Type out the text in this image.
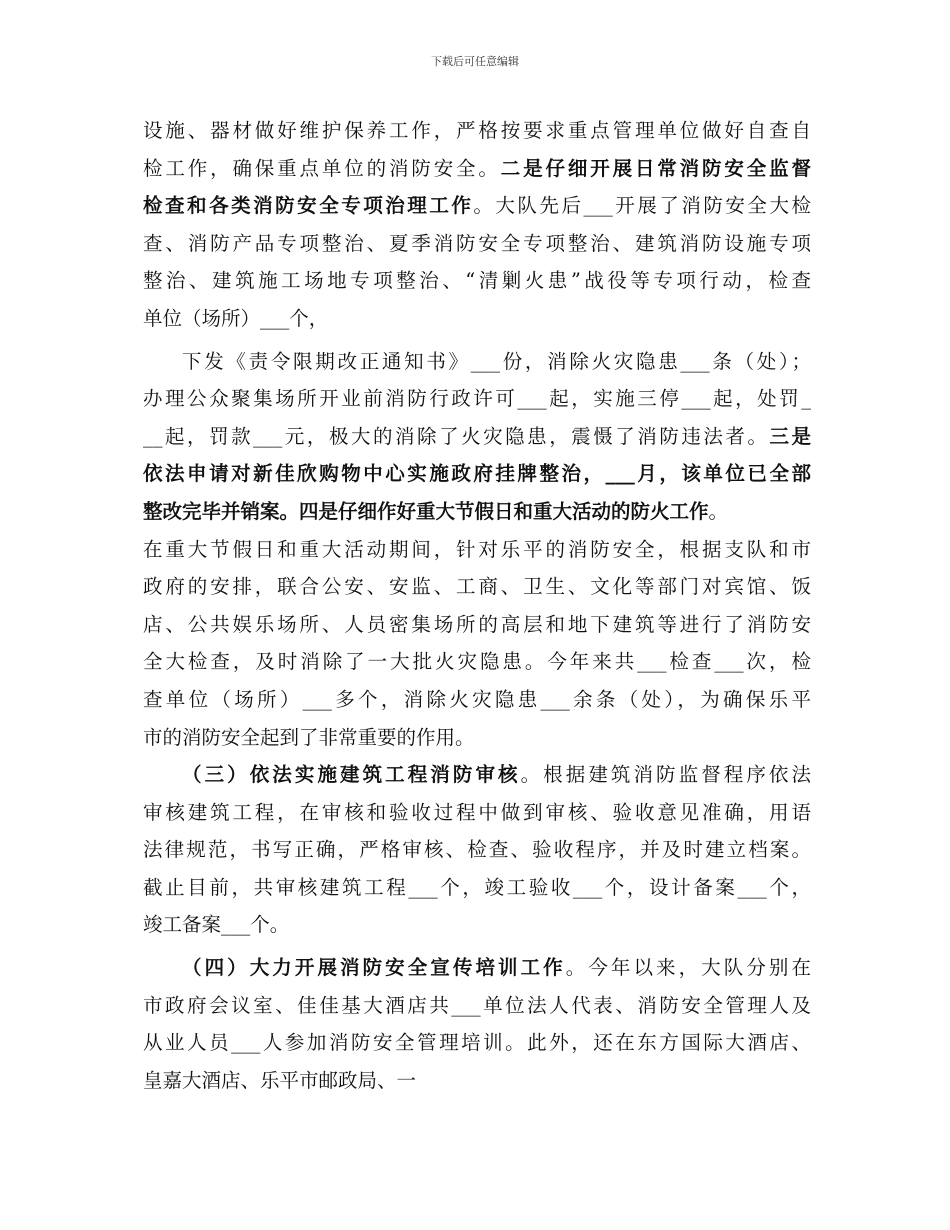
下载后可任意编辑
设施、器材做好维护保养工作，严格按要求重点管理单位做好自查自
检工作，确保重点单位的消防安全。二是仔细开展日常消防安全监督
检查和各类消防安全专项治理工作。大队先后___开展了消防安全大检
查、消防产品专项整治、夏季消防安全专项整治、建筑消防设施专项
整治、建筑施工场地专项整治、“清剿火患”战役等专项行动，检查
单位（场所）___个，
下发《责令限期改正通知书》___份，消除火灾隐患___条（处）；
办理公众聚集场所开业前消防行政许可___起，实施三停___起，处罚_
__起，罚款___元，极大的消除了火灾隐患，震慑了消防违法者。三是
依法申请对新佳欣购物中心实施政府挂牌整治，___月，该单位已全部
整改完毕并销案。四是仔细作好重大节假日和重大活动的防火工作。
在重大节假日和重大活动期间，针对乐平的消防安全，根据支队和市
政府的安排，联合公安、安监、工商、卫生、文化等部门对宾馆、饭
店、公共娱乐场所、人员密集场所的高层和地下建筑等进行了消防安
全大检查，及时消除了一大批火灾隐患。今年来共___检查___次，检
查单位（场所）___多个，消除火灾隐患___余条（处），为确保乐平
市的消防安全起到了非常重要的作用。
（三）依法实施建筑工程消防审核。根据建筑消防监督程序依法
审核建筑工程，在审核和验收过程中做到审核、验收意见准确，用语
法律规范，书写正确，严格审核、检查、验收程序，并及时建立档案。
截止目前，共审核建筑工程___个，竣工验收___个，设计备案___个，
竣工备案___个。
（四）大力开展消防安全宣传培训工作。今年以来，大队分别在
市政府会议室、佳佳基大酒店共___单位法人代表、消防安全管理人及
从业人员___人参加消防安全管理培训。此外，还在东方国际大酒店、
皇嘉大酒店、乐平市邮政局、一
